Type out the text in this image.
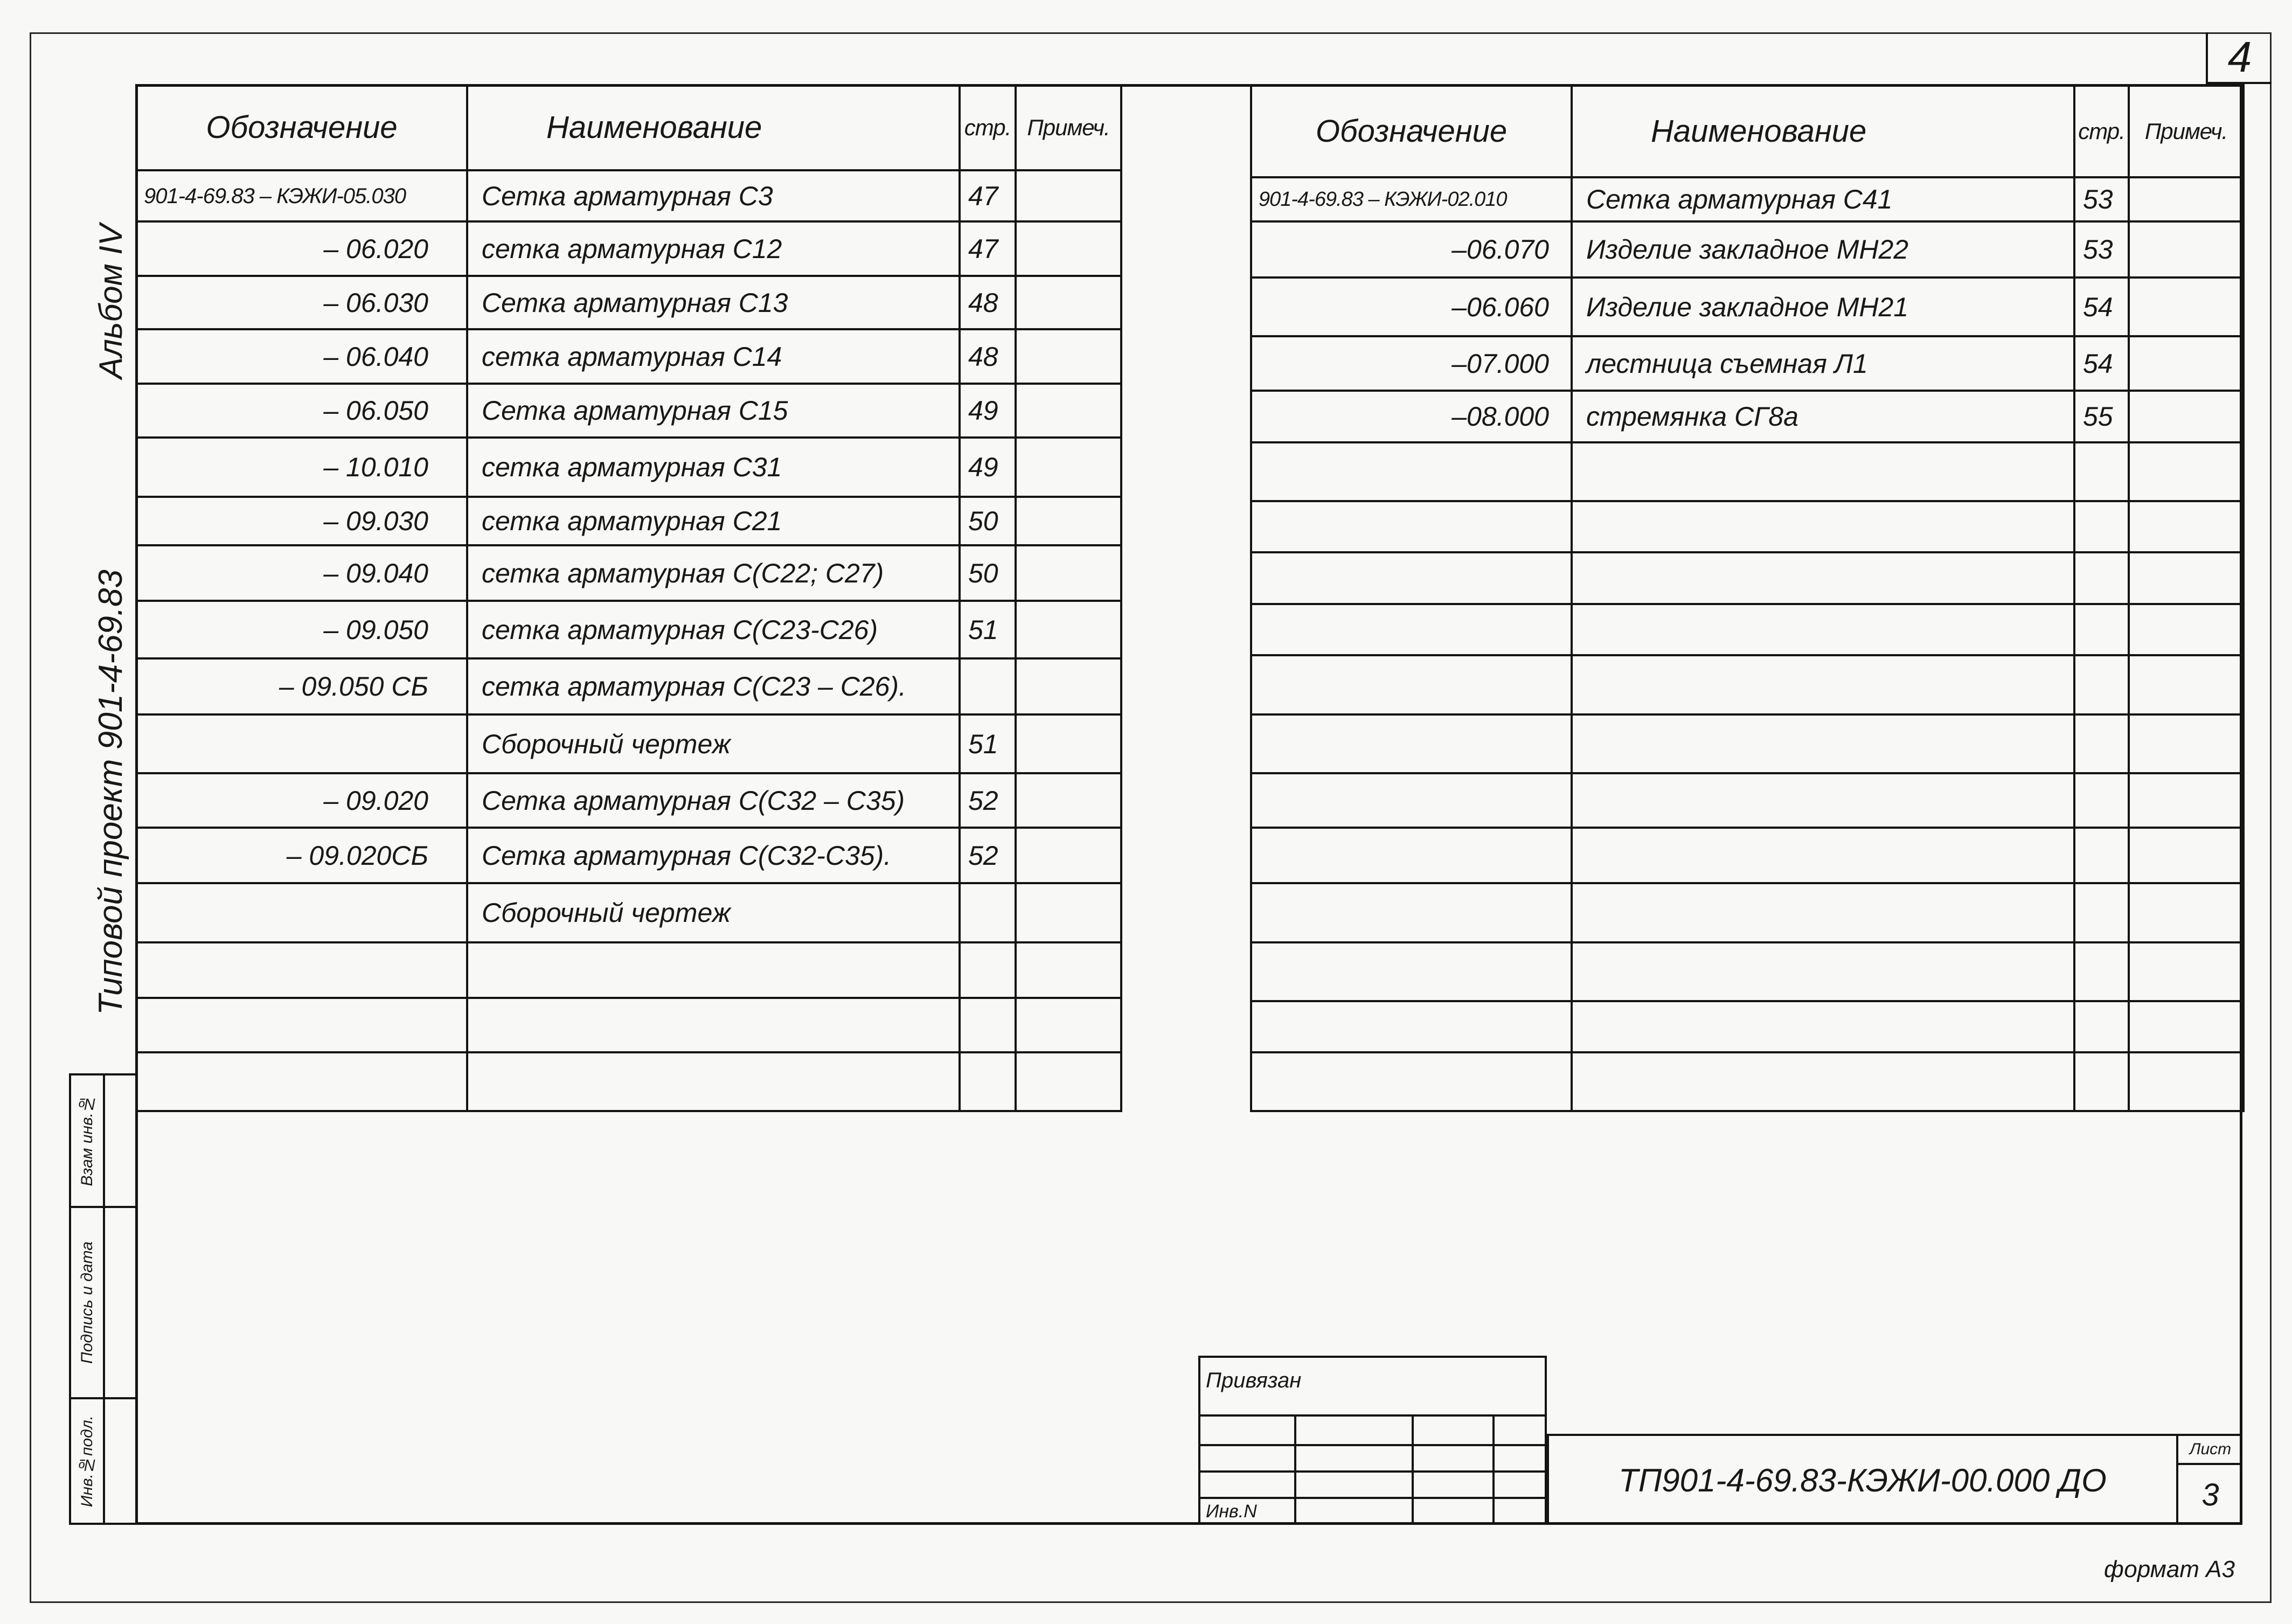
4
Альбом IV
Типовой проект 901-4-69.83
Взам инв.№
Подпись и дата
Инв.№подл.
Обозначение	Наименование	стр.	Примеч.
901-4-69.83 – КЭЖИ-05.030	Сетка арматурная С3	47	
– 06.020	сетка арматурная С12	47	
– 06.030	Сетка арматурная С13	48	
– 06.040	сетка арматурная С14	48	
– 06.050	Сетка арматурная С15	49	
– 10.010	сетка арматурная С31	49	
– 09.030	сетка арматурная С21	50	
– 09.040	сетка арматурная С(С22; С27)	50	
– 09.050	сетка арматурная С(С23-С26)	51	
– 09.050 СБ	сетка арматурная С(С23 – С26).		
	Сборочный чертеж	51	
– 09.020	Сетка арматурная С(С32 – С35)	52	
– 09.020СБ	Сетка арматурная С(С32-С35).	52	
	Сборочный чертеж		

Обозначение	Наименование	стр.	Примеч.
901-4-69.83 – КЭЖИ-02.010	Сетка арматурная С41	53	
–06.070	Изделие закладное МН22	53	
–06.060	Изделие закладное МН21	54	
–07.000	лестница съемная Л1	54	
–08.000	стремянка СГ8а	55	

Привязан
Инв.N
ТП901-4-69.83-КЭЖИ-00.000 ДО
Лист
3
формат А3
